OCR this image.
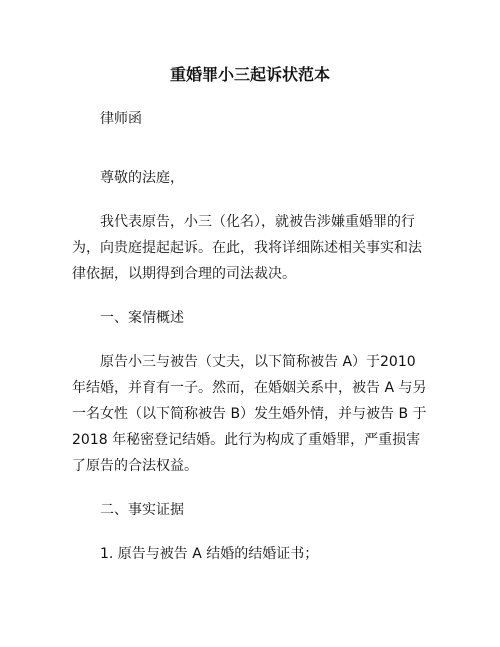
重婚罪小三起诉状范本

律师函

尊敬的法庭，

我代表原告，小三（化名），就被告涉嫌重婚罪的行为，向贵庭提起起诉。在此，我将详细陈述相关事实和法律依据，以期得到合理的司法裁决。

一、案情概述

原告小三与被告（丈夫，以下简称被告 A）于2010 年结婚，并育有一子。然而，在婚姻关系中，被告 A 与另一名女性（以下简称被告 B）发生婚外情，并与被告 B 于 2018 年秘密登记结婚。此行为构成了重婚罪，严重损害了原告的合法权益。

二、事实证据

1. 原告与被告 A 结婚的结婚证书；
